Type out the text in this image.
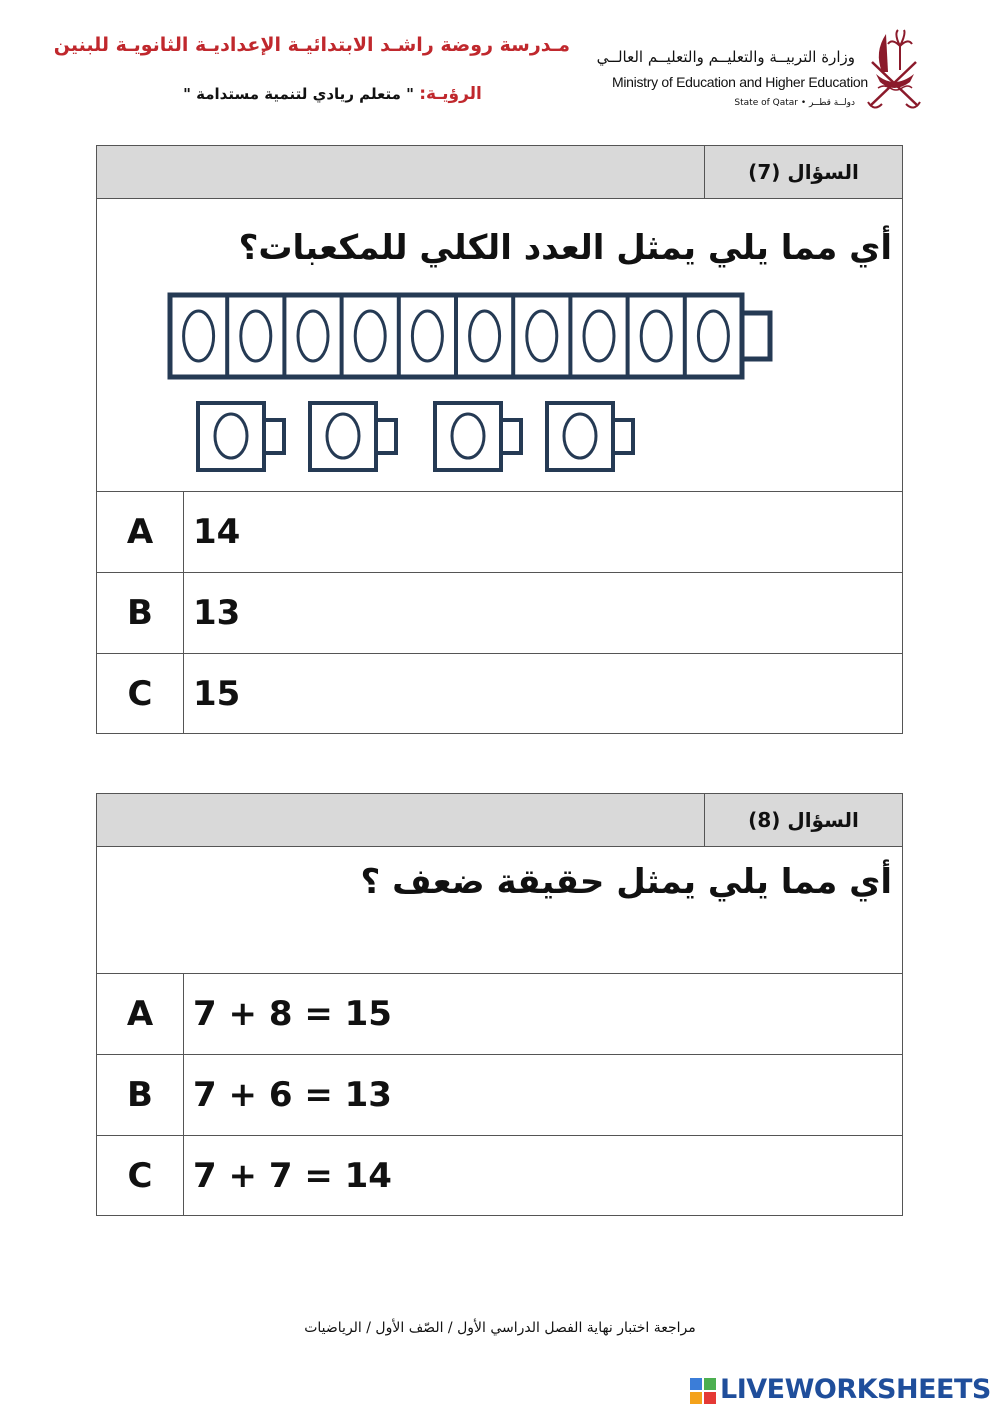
مـدرسة روضة راشـد الابتدائيـة الإعداديـة الثانويـة للبنين
الرؤيـة: " متعلم ريادي لتنمية مستدامة "
وزارة التربيــة والتعليــم والتعليــم العالــي
Ministry of Education and Higher Education
State of Qatar • دولــة قطــر
السؤال (7)
أي مما يلي يمثل العدد الكلي للمكعبات؟
A	14
B	13
C	15
السؤال (8)
أي مما يلي يمثل حقيقة ضعف ؟
A	7 + 8 = 15
B	7 + 6 = 13
C	7 + 7 = 14
مراجعة اختبار نهاية الفصل الدراسي الأول / الصّف الأول / الرياضيات
LIVEWORKSHEETS
